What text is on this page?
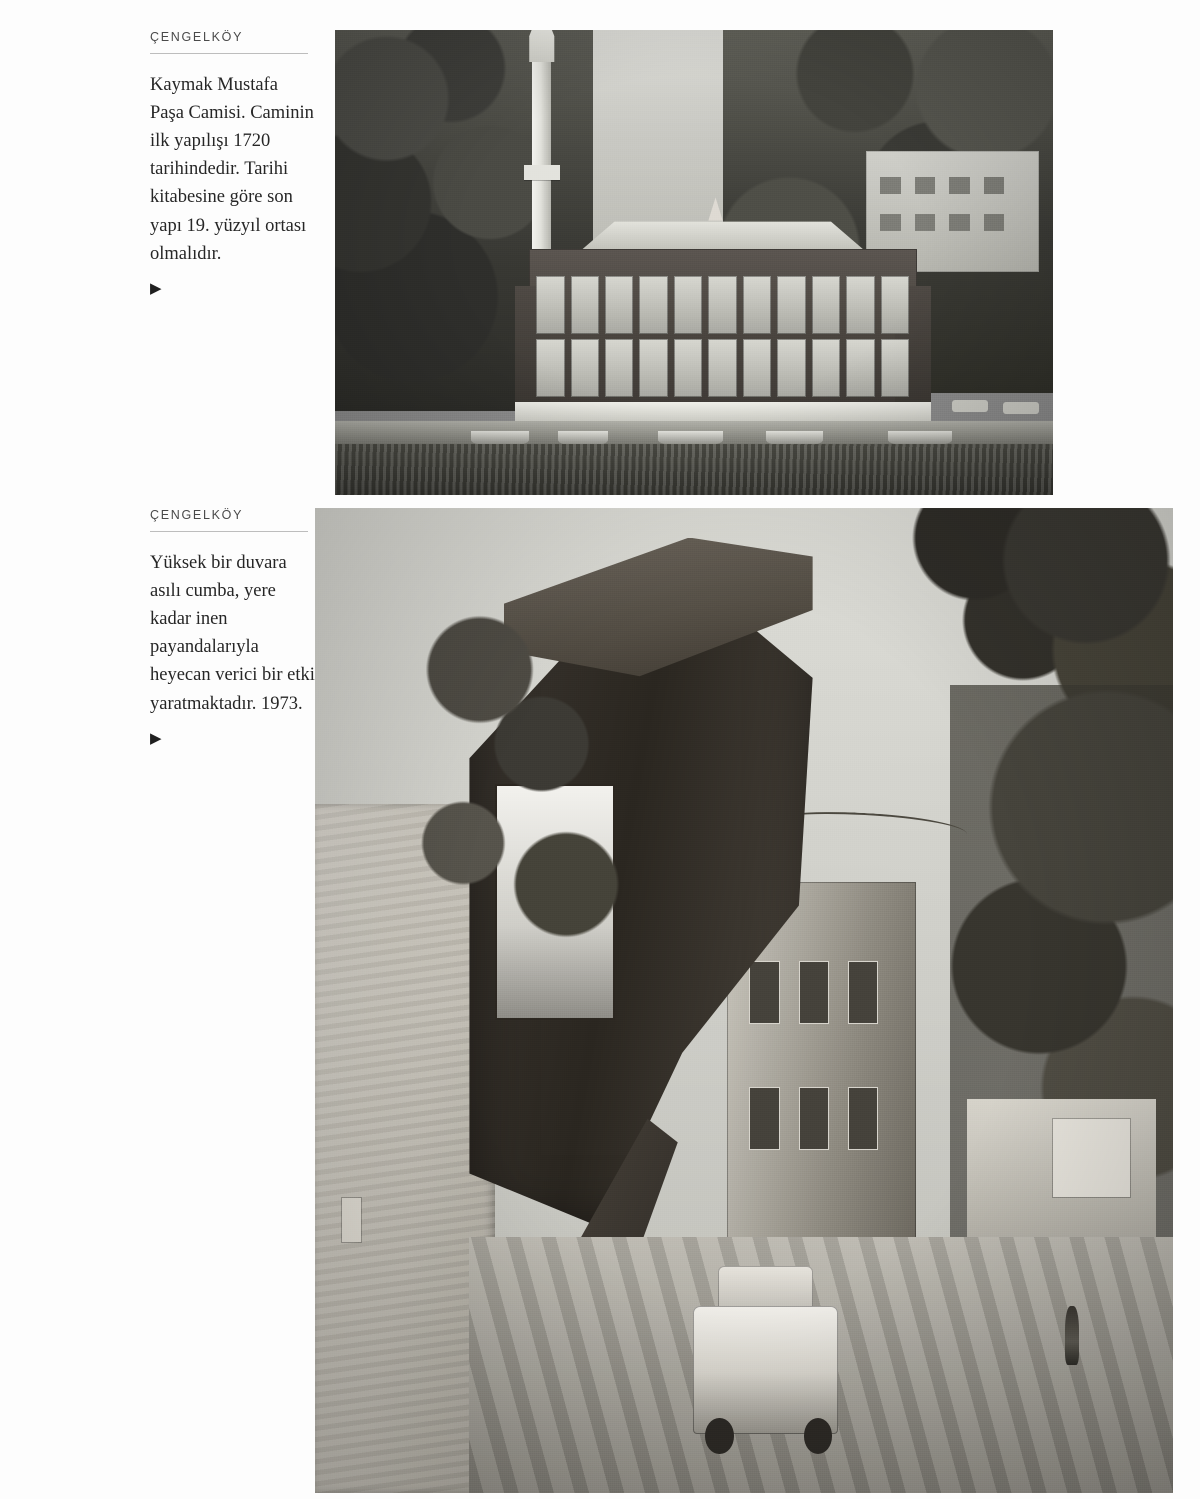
ÇENGELKÖY
Kaymak Mustafa Paşa Camisi. Caminin ilk yapılışı 1720 tarihindedir. Tarihi kitabesine göre son yapı 19. yüzyıl ortası olmalıdır.
▶
ÇENGELKÖY
Yüksek bir duvara asılı cumba, yere kadar inen payandalarıyla heyecan verici bir etki yaratmaktadır. 1973.
▶
